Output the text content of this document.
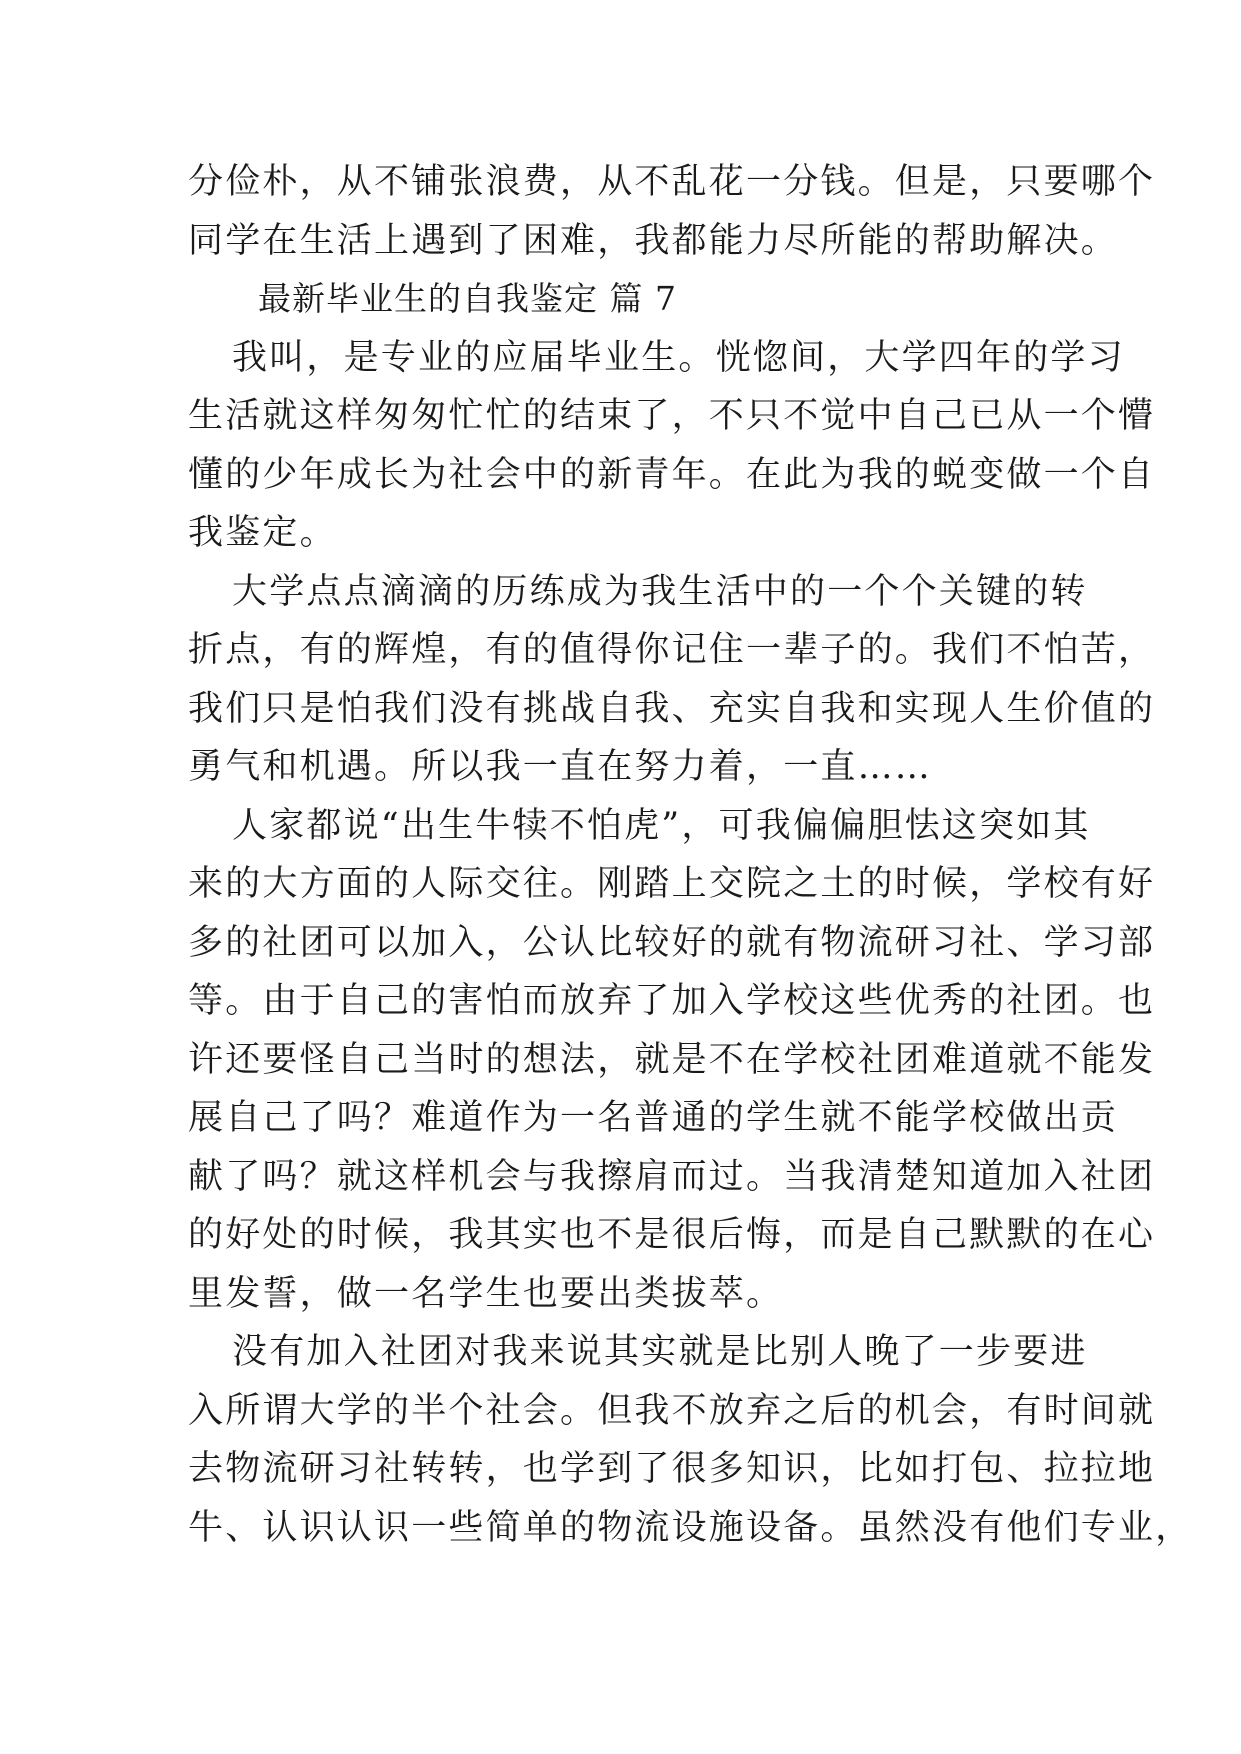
分俭朴，从不铺张浪费，从不乱花一分钱。但是，只要哪个
同学在生活上遇到了困难，我都能力尽所能的帮助解决。

最新毕业生的自我鉴定 篇 7

我叫，是专业的应届毕业生。恍惚间，大学四年的学习
生活就这样匆匆忙忙的结束了，不只不觉中自己已从一个懵
懂的少年成长为社会中的新青年。在此为我的蜕变做一个自
我鉴定。

大学点点滴滴的历练成为我生活中的一个个关键的转
折点，有的辉煌，有的值得你记住一辈子的。我们不怕苦，
我们只是怕我们没有挑战自我、充实自我和实现人生价值的
勇气和机遇。所以我一直在努力着，一直……

人家都说“出生牛犊不怕虎”，可我偏偏胆怯这突如其
来的大方面的人际交往。刚踏上交院之土的时候，学校有好
多的社团可以加入，公认比较好的就有物流研习社、学习部
等。由于自己的害怕而放弃了加入学校这些优秀的社团。也
许还要怪自己当时的想法，就是不在学校社团难道就不能发
展自己了吗？难道作为一名普通的学生就不能学校做出贡
献了吗？就这样机会与我擦肩而过。当我清楚知道加入社团
的好处的时候，我其实也不是很后悔，而是自己默默的在心
里发誓，做一名学生也要出类拔萃。

没有加入社团对我来说其实就是比别人晚了一步要进
入所谓大学的半个社会。但我不放弃之后的机会，有时间就
去物流研习社转转，也学到了很多知识，比如打包、拉拉地
牛、认识认识一些简单的物流设施设备。虽然没有他们专业，
